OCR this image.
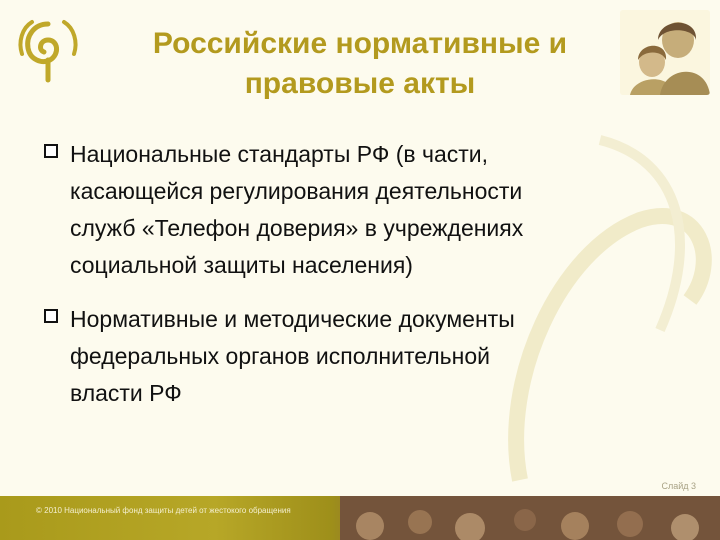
Российские нормативные и
правовые акты
Национальные стандарты РФ (в части,
касающейся регулирования деятельности
служб «Телефон доверия» в учреждениях
социальной защиты населения)
Нормативные и методические документы
федеральных органов исполнительной
власти РФ
Слайд 3
© 2010 Национальный фонд защиты детей от жестокого обращения
